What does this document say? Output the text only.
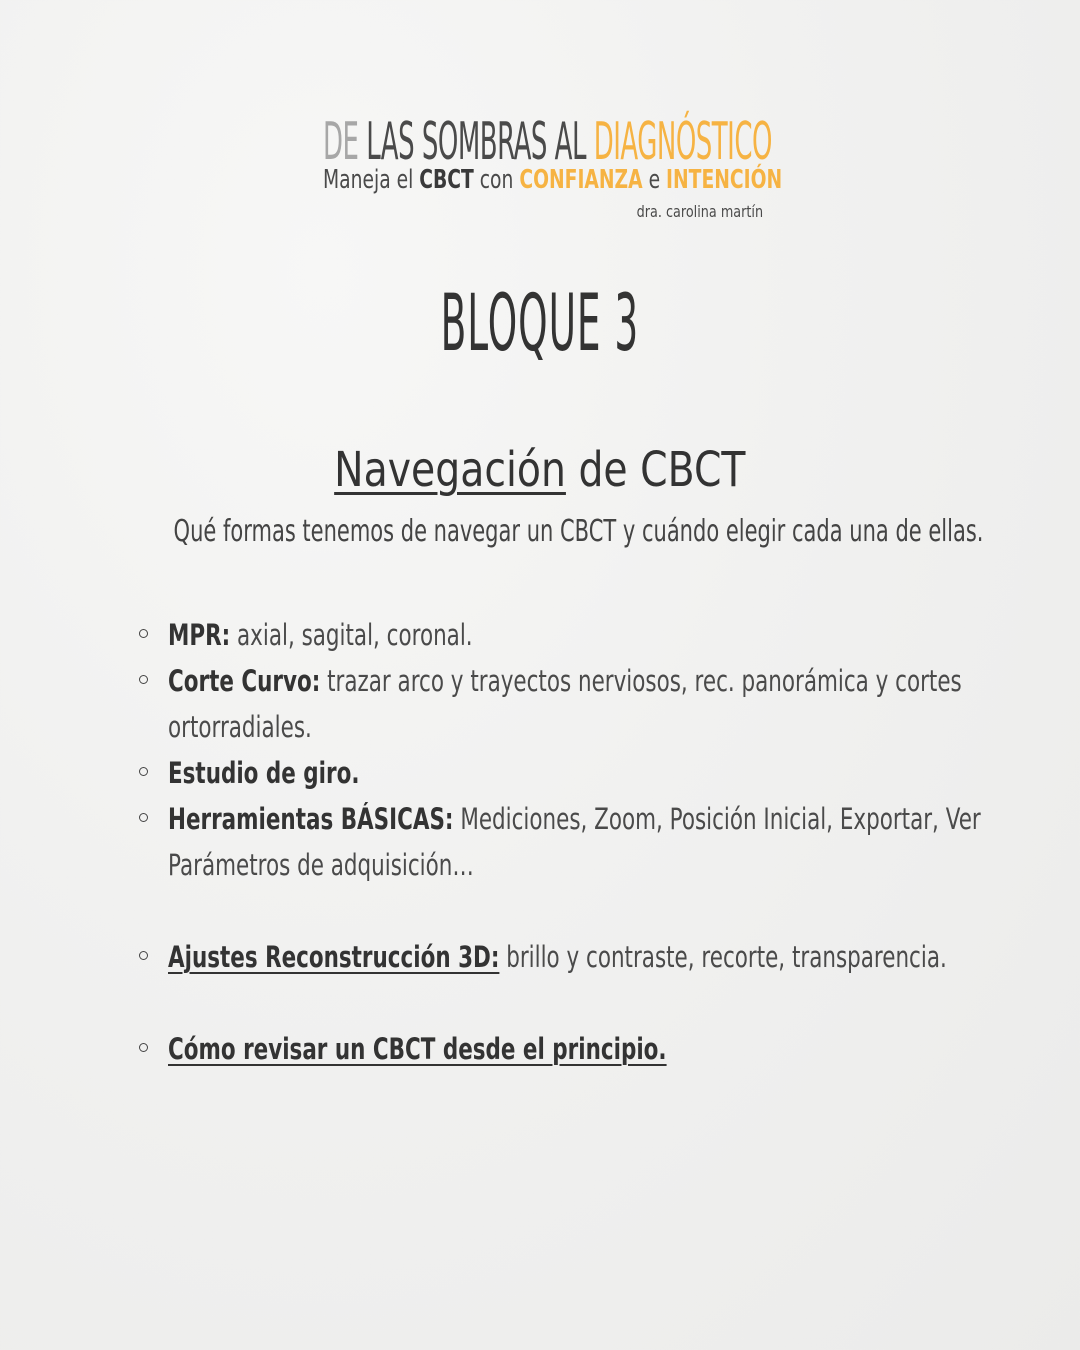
DE LAS SOMBRAS AL DIAGNÓSTICO
Maneja el CBCT con CONFIANZA e INTENCIÓN
dra. carolina martín
BLOQUE 3
Navegación de CBCT
Qué formas tenemos de navegar un CBCT y cuándo elegir cada una de ellas.
MPR: axial, sagital, coronal.
Corte Curvo: trazar arco y trayectos nerviosos, rec. panorámica y cortes ortorradiales.
Estudio de giro.
Herramientas BÁSICAS: Mediciones, Zoom, Posición Inicial, Exportar, Ver Parámetros de adquisición…
Ajustes Reconstrucción 3D: brillo y contraste, recorte, transparencia.
Cómo revisar un CBCT desde el principio.
